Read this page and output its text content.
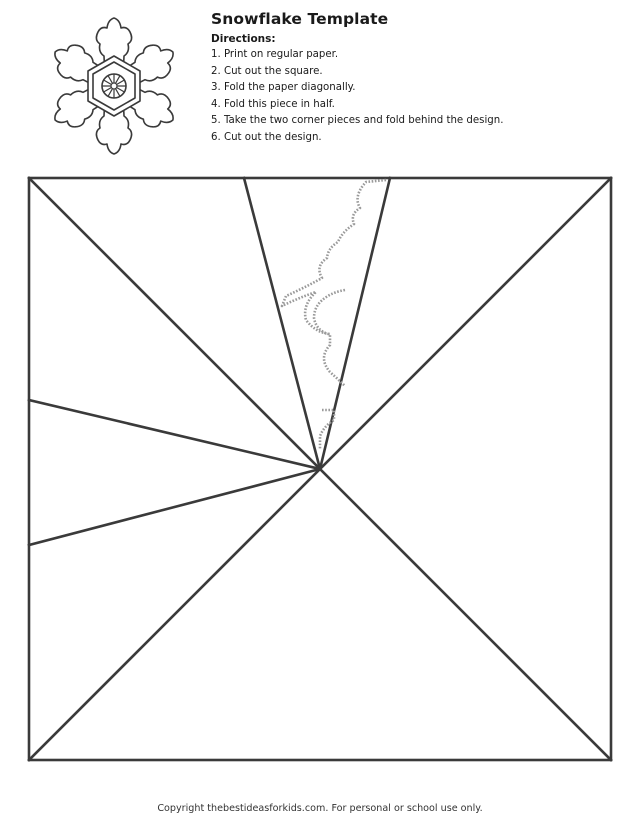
Snowflake Template
Directions:
1. Print on regular paper.
2. Cut out the square.
3. Fold the paper diagonally.
4. Fold this piece in half.
5. Take the two corner pieces and fold behind the design.
6. Cut out the design.
Copyright thebestideasforkids.com. For personal or school use only.
